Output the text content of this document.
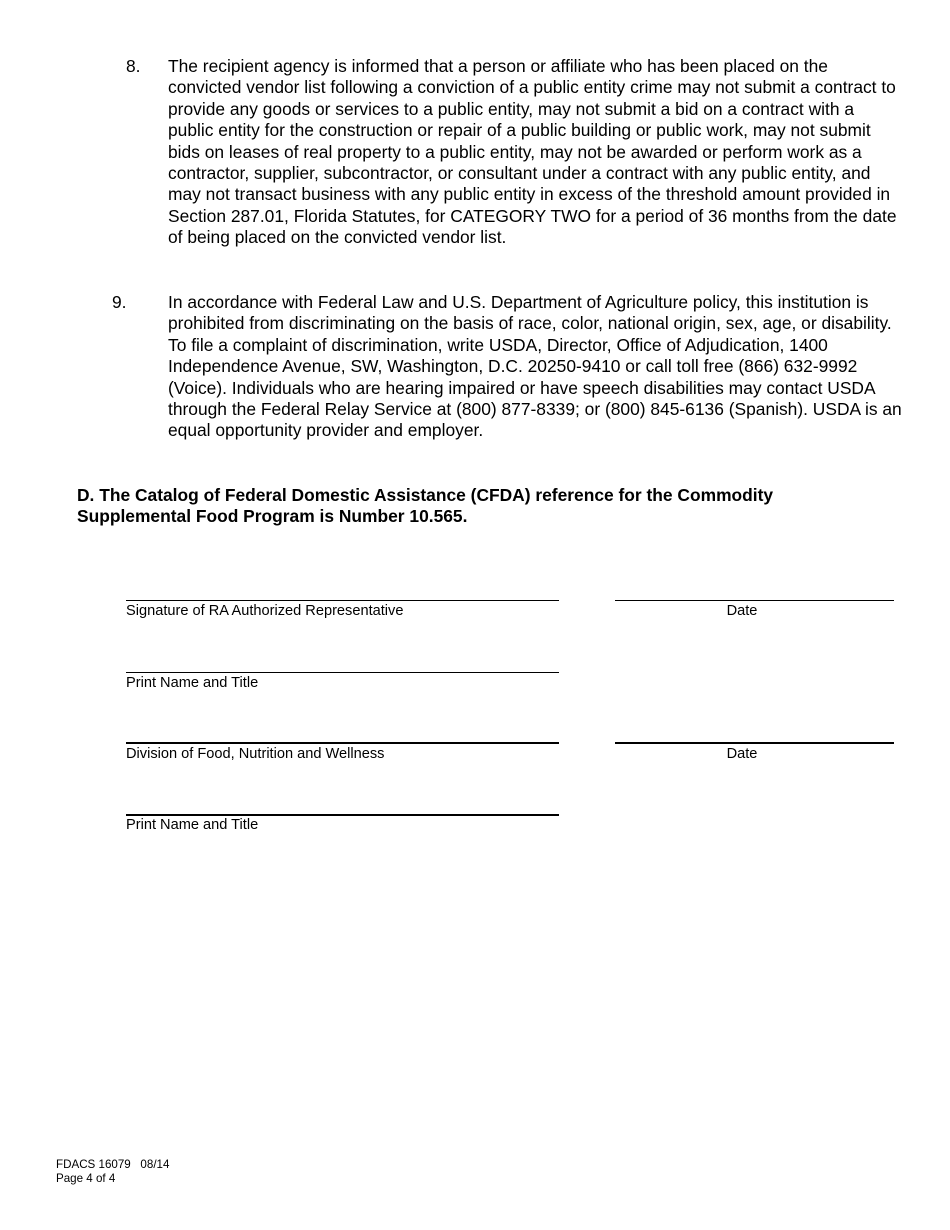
8. The recipient agency is informed that a person or affiliate who has been placed on the convicted vendor list following a conviction of a public entity crime may not submit a contract to provide any goods or services to a public entity, may not submit a bid on a contract with a public entity for the construction or repair of a public building or public work, may not submit bids on leases of real property to a public entity, may not be awarded or perform work as a contractor, supplier, subcontractor, or consultant under a contract with any public entity, and may not transact business with any public entity in excess of the threshold amount provided in Section 287.01, Florida Statutes, for CATEGORY TWO for a period of 36 months from the date of being placed on the convicted vendor list.
9. In accordance with Federal Law and U.S. Department of Agriculture policy, this institution is prohibited from discriminating on the basis of race, color, national origin, sex, age, or disability. To file a complaint of discrimination, write USDA, Director, Office of Adjudication, 1400 Independence Avenue, SW, Washington, D.C. 20250-9410 or call toll free (866) 632-9992 (Voice). Individuals who are hearing impaired or have speech disabilities may contact USDA through the Federal Relay Service at (800) 877-8339; or (800) 845-6136 (Spanish). USDA is an equal opportunity provider and employer.
D. The Catalog of Federal Domestic Assistance (CFDA) reference for the Commodity Supplemental Food Program is Number 10.565.
Signature of RA Authorized Representative	Date
Print Name and Title
Division of Food, Nutrition and Wellness	Date
Print Name and Title
FDACS 16079   08/14
Page 4 of 4
